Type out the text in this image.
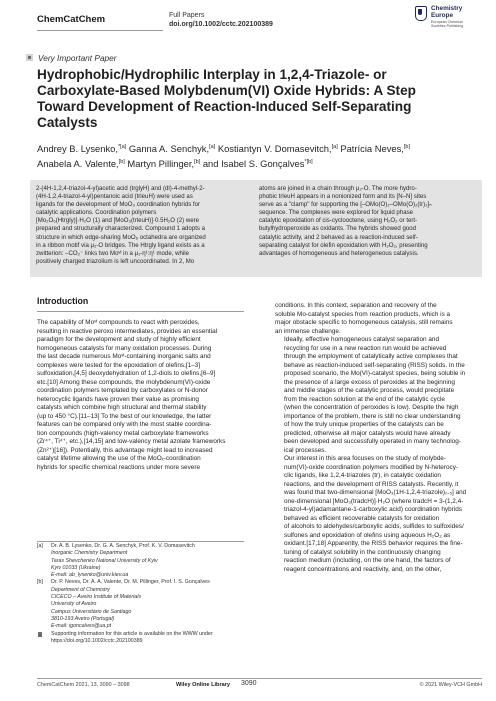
ChemCatChem	Full Papers
doi.org/10.1002/cctc.202100389
Chemistry
Europe
European Chemical
Societies Publishing
Very Important Paper
Hydrophobic/Hydrophilic Interplay in 1,2,4-Triazole- or
Carboxylate-Based Molybdenum(VI) Oxide Hybrids: A Step
Toward Development of Reaction-Induced Self-Separating
Catalysts
Andrey B. Lysenko,$^{*[a]}$ Ganna A. Senchyk,[a] Kostiantyn V. Domasevitch,[a] Patrícia Neves,[b]
Anabela A. Valente,[b] Martyn Pillinger,[b] and Isabel S. Gonçalves$^{*[b]}$
2-(4H-1,2,4-triazol-4-yl)acetic acid (trglyH) and (dl)-4-methyl-2-
(4H-1,2,4-triazol-4-yl)pentanoic acid (trleuH) were used as
ligands for the development of MoO₃ coordination hybrids for
catalytic applications. Coordination polymers
[Mo₂O₆(Htrgly)]·H₂O (1) and [MoO₃(trleuH)]·0.5H₂O (2) were
prepared and structurally characterized. Compound 1 adopts a
structure in which edge-sharing MoO₆ octahedra are organized
in a ribbon motif via μ₂-O bridges. The Htrgly ligand exists as a
zwitterion: –CO₂⁻ links two Moᵛᴵ in a μ₁-η¹:η¹ mode, while
positively charged triazolium is left uncoordinated. In 2, Mo
atoms are joined in a chain through μ₂-O. The more hydro-
phobic trleuH appears in a nonionized form and its [N–N] sites
serve as a "clamp" for supporting the [–OMo(O)₂–OMo(O)₂(tr)₂]ₙ
sequence. The complexes were explored for liquid phase
catalytic epoxidation of cis-cyclooctene, using H₂O₂ or tert-
butylhydroperoxide as oxidants. The hybrids showed good
catalytic activity, and 2 behaved as a reaction-induced self-
separating catalyst for olefin epoxidation with H₂O₂, presenting
advantages of homogeneous and heterogeneous catalysis.
Introduction

The capability of Moᵛᴵ compounds to react with peroxides,
resulting in reactive peroxo intermediates, provides an essential
paradigm for the development and study of highly efficient
homogeneous catalysts for many oxidation processes. During
the last decade numerous Moᵛᴵ-containing inorganic salts and
complexes were tested for the epoxidation of olefins,[1–3]
sulfoxidation,[4,5] deoxydehydration of 1,2-diols to olefins,[6–9]
etc.[10] Among these compounds, the molybdenum(VI)-oxide
coordination polymers templated by carboxylates or N-donor
heterocyclic ligands have proven their value as promising
catalysts which combine high structural and thermal stability
(up to 450 °C).[11–13] To the best of our knowledge, the latter
features can be compared only with the most stable coordina-
tion compounds (high-valency metal carboxylate frameworks
(Zr⁴⁺, Ti⁴⁺, etc.),[14,15] and low-valency metal azolate frameworks
(Zn²⁺)[16]). Potentially, this advantage might lead to increased
catalyst lifetime allowing the use of the MoOₓ-coordination
hybrids for specific chemical reactions under more severe

[a] Dr. A. B. Lysenko, Dr. G. A. Senchyk, Prof. K. V. Domasevitch
Inorganic Chemistry Department
Taras Shevchenko National University of Kyiv
Kyiv 01033 (Ukraine)
E-mail: ab_lysenko@univ.kiev.ua
[b] Dr. P. Neves, Dr. A. A. Valente, Dr. M. Pillinger, Prof. I. S. Gonçalves
Department of Chemistry
CICECO – Aveiro Institute of Materials
University of Aveiro
Campus Universitário de Santiago
3810-193 Aveiro (Portugal)
E-mail: igoncalves@ua.pt
Supporting information for this article is available on the WWW under
https://doi.org/10.1002/cctc.202100389

conditions. In this context, separation and recovery of the
soluble Mo-catalyst species from reaction products, which is a
major obstacle specific to homogeneous catalysis, still remains
an immense challenge.

Ideally, effective homogeneous catalyst separation and
recycling for use in a new reaction run would be achieved
through the employment of catalytically active complexes that
behave as reaction-induced self-separating (RISS) solids. In the
proposed scenario, the Mo(VI)-catalyst species, being soluble in
the presence of a large excess of peroxides at the beginning
and middle stages of the catalytic process, would precipitate
from the reaction solution at the end of the catalytic cycle
(when the concentration of peroxides is low). Despite the high
importance of the problem, there is still no clear understanding
of how the truly unique properties of the catalysts can be
predicted, otherwise all major catalysts would have already
been developed and successfully operated in many technolog-
ical processes.

Our interest in this area focuses on the study of molybde-
num(VI)-oxide coordination polymers modified by N-heterocy-
clic ligands, like 1,2,4-triazoles (tr), in catalytic oxidation
reactions, and the development of RISS catalysts. Recently, it
was found that two-dimensional [MoO₃(1H-1,2,4-triazole)₀.₅] and
one-dimensional [MoO₃(tradcH)]·H₂O (where tradcH = 3-(1,2,4-
triazol-4-yl)adamantane-1-carboxylic acid) coordination hybrids
behaved as efficient recoverable catalysts for oxidation
of alcohols to aldehydes/carboxylic acids, sulfides to sulfoxides/
sulfones and epoxidation of olefins using aqueous H₂O₂ as
oxidant.[17,18] Apparently, the RISS behavior requires the fine-
tuning of catalyst solubility in the continuously changing
reaction medium (including, on the one hand, the factors of
reagent concentrations and reactivity, and, on the other,

ChemCatChem 2021, 13, 3090 – 3098	Wiley Online Library 3090	© 2021 Wiley-VCH GmbH
